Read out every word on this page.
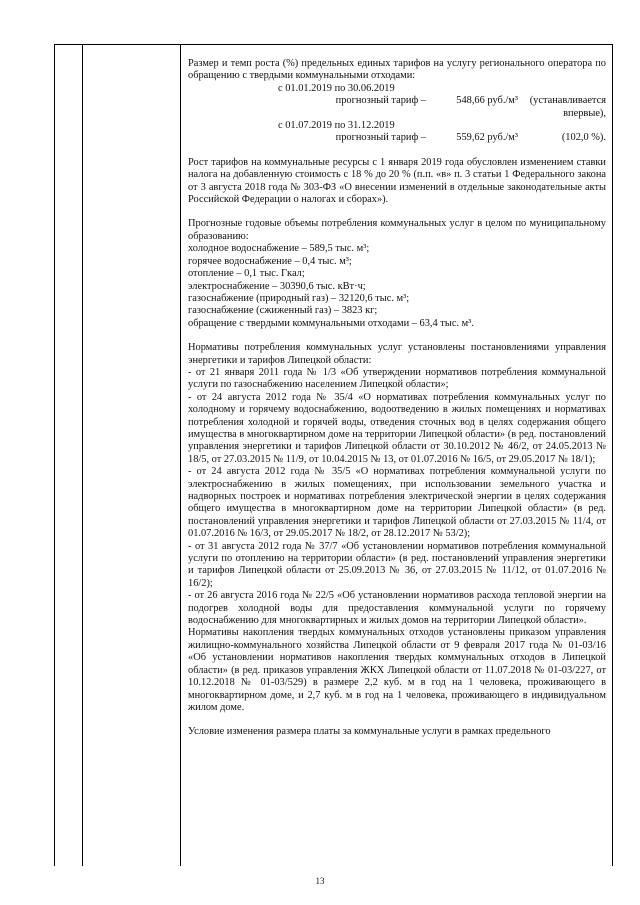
Размер и темп роста (%) предельных единых тарифов на услугу регионального оператора по обращению с твердыми коммунальными отходами:

с 01.01.2019 по 30.06.2019

прогнозный тариф –	548,66 руб./м³	(устанавливается впервые),

с 01.07.2019 по 31.12.2019

прогнозный тариф –	559,62 руб./м³	(102,0 %).

Рост тарифов на коммунальные ресурсы с 1 января 2019 года обусловлен изменением ставки налога на добавленную стоимость с 18 % до 20 % (п.п. «в» п. 3 статьи 1 Федерального закона от 3 августа 2018 года № 303-ФЗ «О внесении изменений в отдельные законодательные акты Российской Федерации о налогах и сборах»).

Прогнозные годовые объемы потребления коммунальных услуг в целом по муниципальному образованию:

холодное водоснабжение – 589,5 тыс. м³;

горячее водоснабжение – 0,4 тыс. м³;

отопление – 0,1 тыс. Гкал;

электроснабжение – 30390,6 тыс. кВт·ч;

газоснабжение (природный газ) – 32120,6 тыс. м³;

газоснабжение (сжиженный газ) – 3823 кг;

обращение с твердыми коммунальными отходами – 63,4 тыс. м³.

Нормативы потребления коммунальных услуг установлены постановлениями управления энергетики и тарифов Липецкой области:

- от 21 января 2011 года № 1/3 «Об утверждении нормативов потребления коммунальной услуги по газоснабжению населением Липецкой области»;

- от 24 августа 2012 года № 35/4 «О нормативах потребления коммунальных услуг по холодному и горячему водоснабжению, водоотведению в жилых помещениях и нормативах потребления холодной и горячей воды, отведения сточных вод в целях содержания общего имущества в многоквартирном доме на территории Липецкой области» (в ред. постановлений управления энергетики и тарифов Липецкой области от 30.10.2012 № 46/2, от 24.05.2013 № 18/5, от 27.03.2015 № 11/9, от 10.04.2015 № 13, от 01.07.2016 № 16/5, от 29.05.2017 № 18/1);

- от 24 августа 2012 года № 35/5 «О нормативах потребления коммунальной услуги по электроснабжению в жилых помещениях, при использовании земельного участка и надворных построек и нормативах потребления электрической энергии в целях содержания общего имущества в многоквартирном доме на территории Липецкой области» (в ред. постановлений управления энергетики и тарифов Липецкой области от 27.03.2015 № 11/4, от 01.07.2016 № 16/3, от 29.05.2017 № 18/2, от 28.12.2017 № 53/2);

- от 31 августа 2012 года № 37/7 «Об установлении нормативов потребления коммунальной услуги по отоплению на территории области» (в ред. постановлений управления энергетики и тарифов Липецкой области от 25.09.2013 № 36, от 27.03.2015 № 11/12, от 01.07.2016 № 16/2);

- от 26 августа 2016 года № 22/5 «Об установлении нормативов расхода тепловой энергии на подогрев холодной воды для предоставления коммунальной услуги по горячему водоснабжению для многоквартирных и жилых домов на территории Липецкой области».

Нормативы накопления твердых коммунальных отходов установлены приказом управления жилищно-коммунального хозяйства Липецкой области от 9 февраля 2017 года № 01-03/16 «Об установлении нормативов накопления твердых коммунальных отходов в Липецкой области» (в ред. приказов управления ЖКХ Липецкой области от 11.07.2018 № 01-03/227, от 10.12.2018 № 01-03/529) в размере 2,2 куб. м в год на 1 человека, проживающего в многоквартирном доме, и 2,7 куб. м в год на 1 человека, проживающего в индивидуальном жилом доме.

Условие изменения размера платы за коммунальные услуги в рамках предельного

13
